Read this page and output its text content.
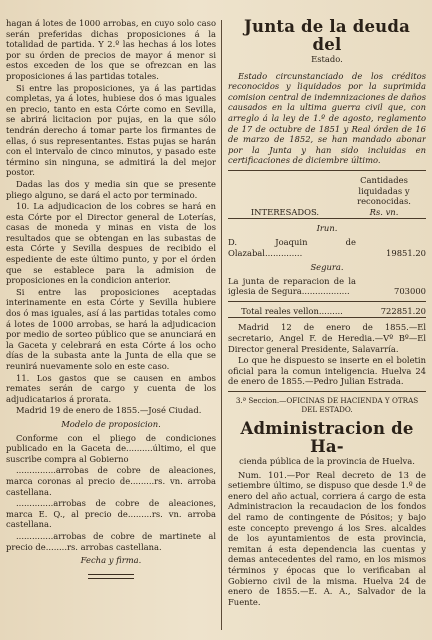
hagan á lotes de 1000 arrobas, en cuyo solo caso serán preferidas dichas proposiciones á la totalidad de partida. Y 2.º las hechas á los lotes por su órden de precios de mayor á menor si estos exceden de los que se ofrezcan en las proposiciones á las partidas totales.

Si entre las proposiciones, ya á las partidas completas, ya á lotes, hubiese dos ó mas iguales en precio, tanto en esta Córte como en Sevilla, se abrirá licitacion por pujas, en la que sólo tendrán derecho á tomar parte los firmantes de ellas, ó sus representantes. Estas pujas se harán con el intervalo de cinco minutos, y pasado este término sin ninguna, se admitirá la del mejor postor.

Dadas las dos y media sin que se presente pliego alguno, se dará el acto por terminado.

10. La adjudicacion de los cobres se hará en esta Córte por el Director general de Loterías, casas de moneda y minas en vista de los resultados que se obtengan en las subastas de esta Córte y Sevilla despues de recibido el espediente de este último punto, y por el órden que se establece para la admision de proposiciones en la condicion anterior.

Si entre las proposiciones aceptadas interinamente en esta Córte y Sevilla hubiere dos ó mas iguales, así á las partidas totales como á lotes de 1000 arrobas, se hará la adjudicacion por medio de sorteo público que se anunciará en la Gaceta y celebrará en esta Córte á los ocho días de la subasta ante la Junta de ella que se reunirá nuevamente solo en este caso.

11. Los gastos que se causen en ambos remates serán de cargo y cuenta de los adjudicatarios á prorata.

Madrid 19 de enero de 1855.—José Ciudad.

Modelo de proposicion.

Conforme con el pliego de condiciones publicado en la Gaceta de..........último, el que suscribe compra al Gobierno

...............arrobas de cobre de aleaciones, marca coronas al precio de.........rs. vn. arroba castellana.

..............arrobas de cobre de aleaciones, marca E. Q., al precio de.........rs. vn. arroba castellana.

..............arrobas de cobre de martinete al precio de........rs. arrobas castellana.

Fecha y firma.

Junta de la deuda del

Estado.

Estado circunstanciado de los créditos reconocidos y liquidados por la suprimida comision central de indemnizaciones de daños causados en la ultima guerra civil que, con arreglo á la ley de 1.º de agosto, reglamento de 17 de octubre de 1851 y Real órden de 16 de marzo de 1852, se han mandado abonar por la Junta y han sido incluidas en certificaciones de diciembre último.

INTERESADOS.
Cantidades liquidadas y reconocidas.
Rs. vn.
Irun.
D. Joaquin de Olazabal..............	19851.20
Segura.
La junta de reparacion de la iglesia de Segura..................	703000
Total reales vellon.........	722851.20

Madrid 12 de enero de 1855.—El secretario, Angel F. de Heredia.—Vº Bº—El Director general Presidente, Salavarría.

Lo que he dispuesto se inserte en el boletin oficial para la comun inteligencia. Huelva 24 de enero de 1855.—Pedro Julian Estrada.

3.ª Seccion.—OFICINAS DE HACIENDA Y OTRAS DEL ESTADO.

Administracion de Ha-

cienda pública de la provincia de Huelva.

Num. 101.—Por Real decreto de 13 de setiembre último, se dispuso que desde 1.º de enero del año actual, corriera á cargo de esta Administracion la recaudacion de los fondos del ramo de contingente de Pósitos; y bajo este concepto prevengo á los Sres. alcaldes de los ayuntamientos de esta provincia, remitan á esta dependencia las cuentas y demas antecedentes del ramo, en los mismos términos y épocas que lo verificaban al Gobierno civil de la misma. Huelva 24 de enero de 1855.—E. A. A., Salvador de la Fuente.
